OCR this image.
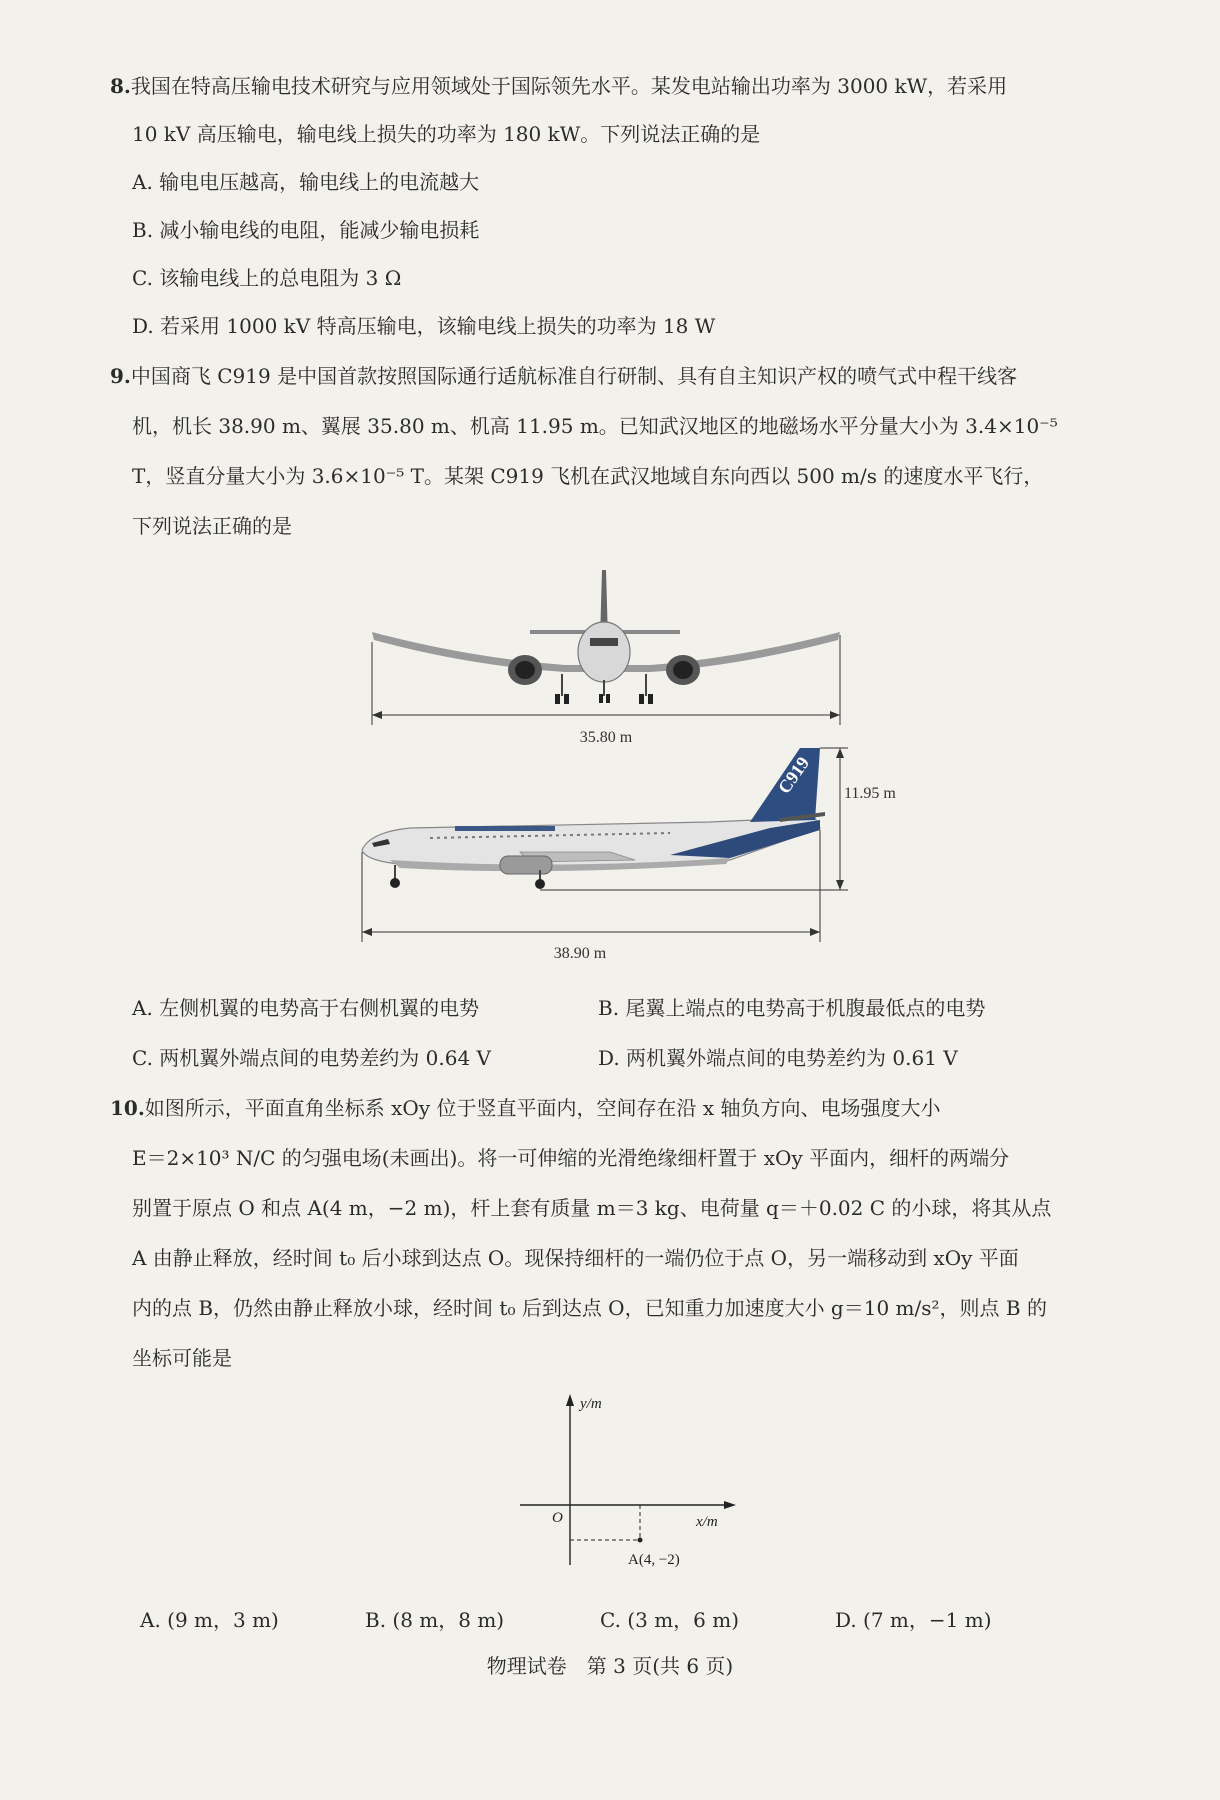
8.我国在特高压输电技术研究与应用领域处于国际领先水平。某发电站输出功率为 3000 kW，若采用
10 kV 高压输电，输电线上损失的功率为 180 kW。下列说法正确的是
A. 输电电压越高，输电线上的电流越大
B. 减小输电线的电阻，能减少输电损耗
C. 该输电线上的总电阻为 3 Ω
D. 若采用 1000 kV 特高压输电，该输电线上损失的功率为 18 W
9.中国商飞 C919 是中国首款按照国际通行适航标准自行研制、具有自主知识产权的喷气式中程干线客
机，机长 38.90 m、翼展 35.80 m、机高 11.95 m。已知武汉地区的地磁场水平分量大小为 3.4×10⁻⁵
T，竖直分量大小为 3.6×10⁻⁵ T。某架 C919 飞机在武汉地域自东向西以 500 m/s 的速度水平飞行，
下列说法正确的是
35.80 m
C919 11.95 m
38.90 m
A. 左侧机翼的电势高于右侧机翼的电势	B. 尾翼上端点的电势高于机腹最低点的电势
C. 两机翼外端点间的电势差约为 0.64 V	D. 两机翼外端点间的电势差约为 0.61 V
10.如图所示，平面直角坐标系 xOy 位于竖直平面内，空间存在沿 x 轴负方向、电场强度大小
E＝2×10³ N/C 的匀强电场(未画出)。将一可伸缩的光滑绝缘细杆置于 xOy 平面内，细杆的两端分
别置于原点 O 和点 A(4 m，−2 m)，杆上套有质量 m＝3 kg、电荷量 q＝＋0.02 C 的小球，将其从点
A 由静止释放，经时间 t₀ 后小球到达点 O。现保持细杆的一端仍位于点 O，另一端移动到 xOy 平面
内的点 B，仍然由静止释放小球，经时间 t₀ 后到达点 O，已知重力加速度大小 g＝10 m/s²，则点 B 的
坐标可能是
y/m
x/m
O
A(4, −2)
A. (9 m，3 m)	B. (8 m，8 m)	C. (3 m，6 m)	D. (7 m，−1 m)
物理试卷　第 3 页(共 6 页)
